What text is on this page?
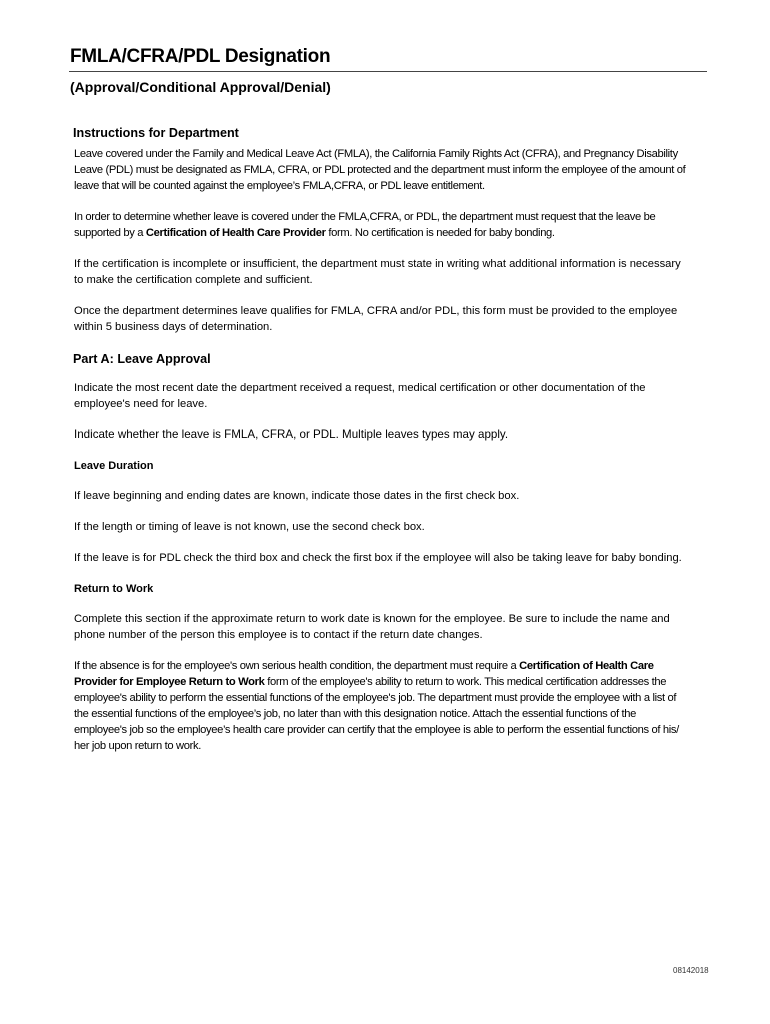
FMLA/CFRA/PDL Designation
(Approval/Conditional Approval/Denial)
Instructions for Department

Leave covered under the Family and Medical Leave Act (FMLA), the California Family Rights Act (CFRA), and Pregnancy Disability Leave (PDL) must be designated as FMLA, CFRA, or PDL protected and the department must inform the employee of the amount of leave that will be counted against the employee’s FMLA,CFRA, or PDL leave entitlement.

In order to determine whether leave is covered under the FMLA,CFRA, or PDL, the department must request that the leave be supported by a Certification of Health Care Provider form. No certification is needed for baby bonding.

If the certification is incomplete or insufficient, the department must state in writing what additional information is necessary to make the certification complete and sufficient.

Once the department determines leave qualifies for FMLA, CFRA and/or PDL, this form must be provided to the employee within 5 business days of determination.

Part A: Leave Approval

Indicate the most recent date the department received a request, medical certification or other documentation of the employee's need for leave.

Indicate whether the leave is FMLA, CFRA, or PDL. Multiple leaves types may apply.

Leave Duration

If leave beginning and ending dates are known, indicate those dates in the first check box.

If the length or timing of leave is not known, use the second check box.

If the leave is for PDL check the third box and check the first box if the employee will also be taking leave for baby bonding.

Return to Work

Complete this section if the approximate return to work date is known for the employee. Be sure to include the name and phone number of the person this employee is to contact if the return date changes.

If the absence is for the employee's own serious health condition, the department must require a Certification of Health Care Provider for Employee Return to Work form of the employee's ability to return to work. This medical certification addresses the employee's ability to perform the essential functions of the employee's job. The department must provide the employee with a list of the essential functions of the employee’s job, no later than with this designation notice. Attach the essential functions of the employee's job so the employee’s health care provider can certify that the employee is able to perform the essential functions of his/ her job upon return to work.

08142018
